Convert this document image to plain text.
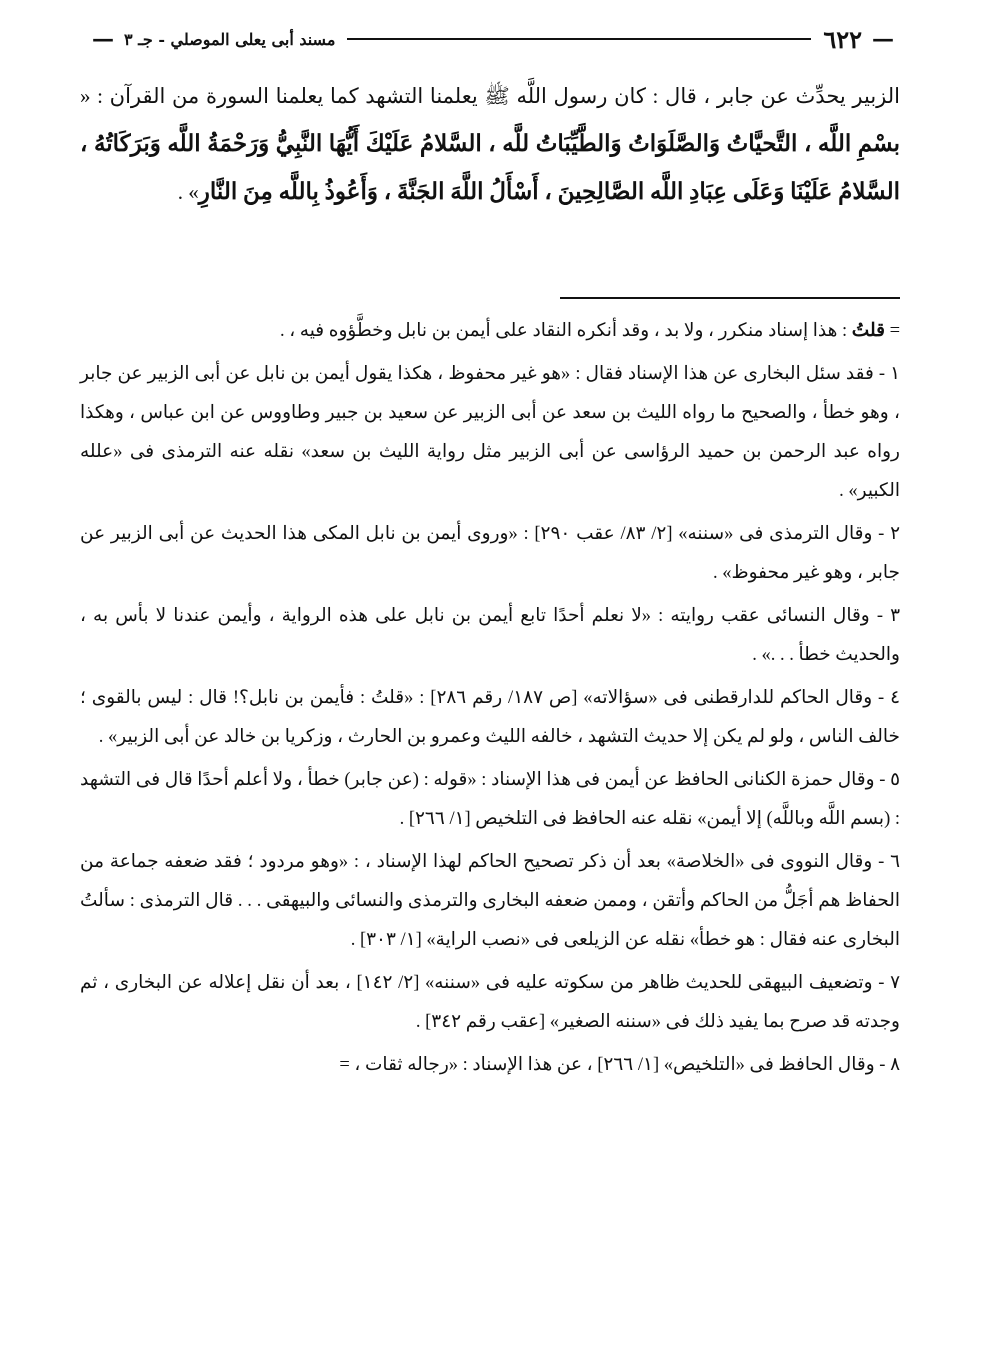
—
٦٢٢
مسند أبى يعلى الموصلي - جـ ٣
—

الزبير يحدِّث عن جابر ، قال : كان رسول اللَّه ﷺ يعلمنا التشهد كما يعلمنا السورة من القرآن : « بسْمِ اللَّه ، التَّحيَّاتُ وَالصَّلَوَاتُ وَالطَّيِّبَاتُ للَّه ، السَّلامُ عَلَيْكَ أَيُّهَا النَّبِيُّ وَرَحْمَةُ اللَّه وَبَرَكَاتُهُ ، السَّلامُ عَلَيْنَا وَعَلَى عِبَادِ اللَّه الصَّالِحِينَ ، أَسْأَلُ اللَّهَ الجَنَّةَ ، وَأَعُوذُ بِاللَّه مِنَ النَّارِ» .

= قلتُ : هذا إسناد منكرر ، ولا بد ، وقد أنكره النقاد على أيمن بن نابل وخطَّؤوه فيه ، .

١ - فقد سئل البخارى عن هذا الإسناد فقال : «هو غير محفوظ ، هكذا يقول أيمن بن نابل عن أبى الزبير عن جابر ، وهو خطأ ، والصحيح ما رواه الليث بن سعد عن أبى الزبير عن سعيد بن جبير وطاووس عن ابن عباس ، وهكذا رواه عبد الرحمن بن حميد الرؤاسى عن أبى الزبير مثل رواية الليث بن سعد» نقله عنه الترمذى فى «علله الكبير» .

٢ - وقال الترمذى فى «سننه» [٢/ ٨٣/ عقب ٢٩٠] : «وروى أيمن بن نابل المكى هذا الحديث عن أبى الزبير عن جابر ، وهو غير محفوظ» .

٣ - وقال النسائى عقب روايته : «لا نعلم أحدًا تابع أيمن بن نابل على هذه الرواية ، وأيمن عندنا لا بأس به ، والحديث خطأ . . .» .

٤ - وقال الحاكم للدارقطنى فى «سؤالاته» [ص ١٨٧/ رقم ٢٨٦] : «قلتُ : فأيمن بن نابل؟! قال : ليس بالقوى ؛ خالف الناس ، ولو لم يكن إلا حديث التشهد ، خالفه الليث وعمرو بن الحارث ، وزكريا بن خالد عن أبى الزبير» .

٥ - وقال حمزة الكنانى الحافظ عن أيمن فى هذا الإسناد : «قوله : (عن جابر) خطأ ، ولا أعلم أحدًا قال فى التشهد : (بسم اللَّه وباللَّه) إلا أيمن» نقله عنه الحافظ فى التلخيص [١/ ٢٦٦] .

٦ - وقال النووى فى «الخلاصة» بعد أن ذكر تصحيح الحاكم لهذا الإسناد ، : «وهو مردود ؛ فقد ضعفه جماعة من الحفاظ هم أجَلُّ من الحاكم وأتقن ، وممن ضعفه البخارى والترمذى والنسائى والبيهقى . . . قال الترمذى : سألتُ البخارى عنه فقال : هو خطأ» نقله عن الزيلعى فى «نصب الراية» [١/ ٣٠٣] .

٧ - وتضعيف البيهقى للحديث ظاهر من سكوته عليه فى «سننه» [٢/ ١٤٢] ، بعد أن نقل إعلاله عن البخارى ، ثم وجدته قد صرح بما يفيد ذلك فى «سننه الصغير» [عقب رقم ٣٤٢] .

٨ - وقال الحافظ فى «التلخيص» [١/ ٢٦٦] ، عن هذا الإسناد : «رجاله ثقات ، =
